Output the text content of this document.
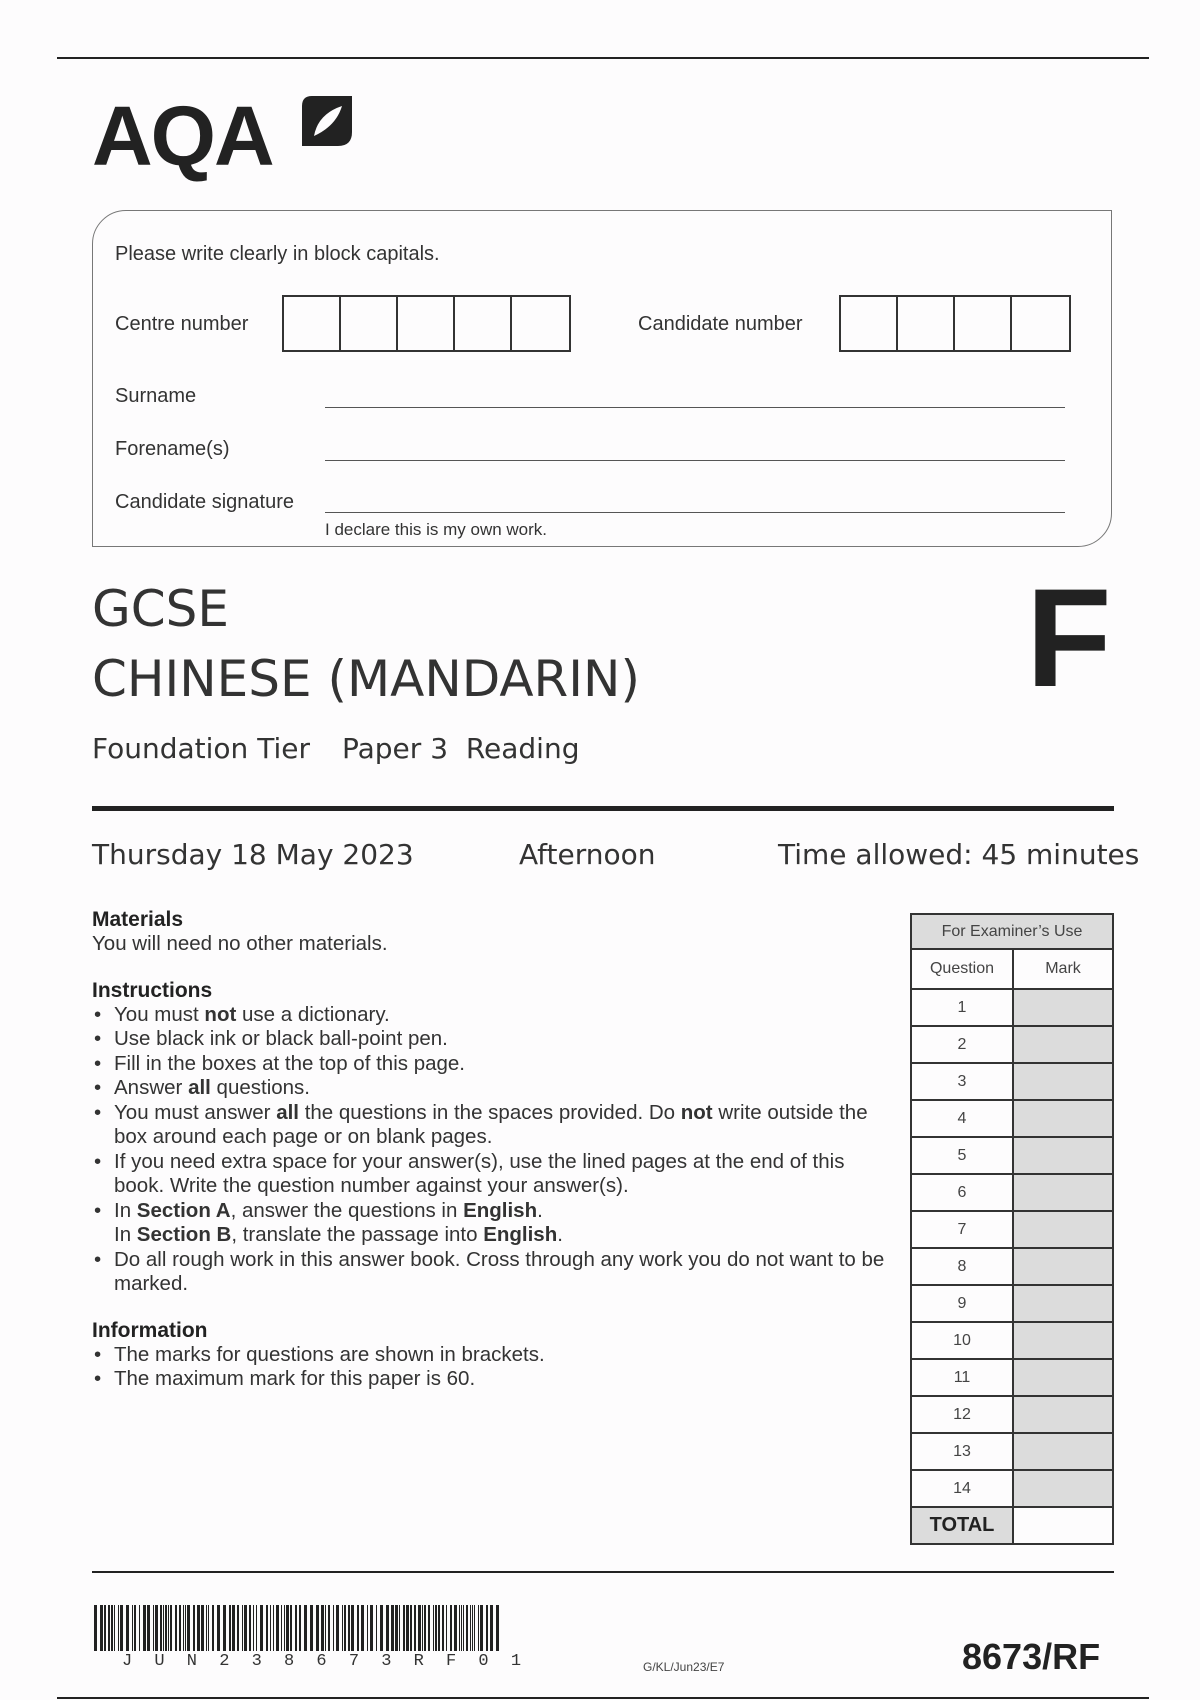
AQA
Please write clearly in block capitals.
Centre number	Candidate number
Surname
Forename(s)
Candidate signature
I declare this is my own work.
GCSE
CHINESE (MANDARIN)	F
Foundation Tier Paper 3  Reading
Thursday 18 May 2023	Afternoon	Time allowed: 45 minutes
Materials
You will need no other materials.
Instructions
• You must not use a dictionary.
• Use black ink or black ball-point pen.
• Fill in the boxes at the top of this page.
• Answer all questions.
• You must answer all the questions in the spaces provided. Do not write outside the box around each page or on blank pages.
• If you need extra space for your answer(s), use the lined pages at the end of this book. Write the question number against your answer(s).
• In Section A, answer the questions in English.
In Section B, translate the passage into English.
• Do all rough work in this answer book. Cross through any work you do not want to be marked.
Information
• The marks for questions are shown in brackets.
• The maximum mark for this paper is 60.
For Examiner’s Use	
Question	Mark
1	
2	
3	
4	
5	
6	
7	
8	
9	
10	
11	
12	
13	
14	
TOTAL	
J U N 2 3 8 6 7 3 R F 0 1	G/KL/Jun23/E7	8673/RF
